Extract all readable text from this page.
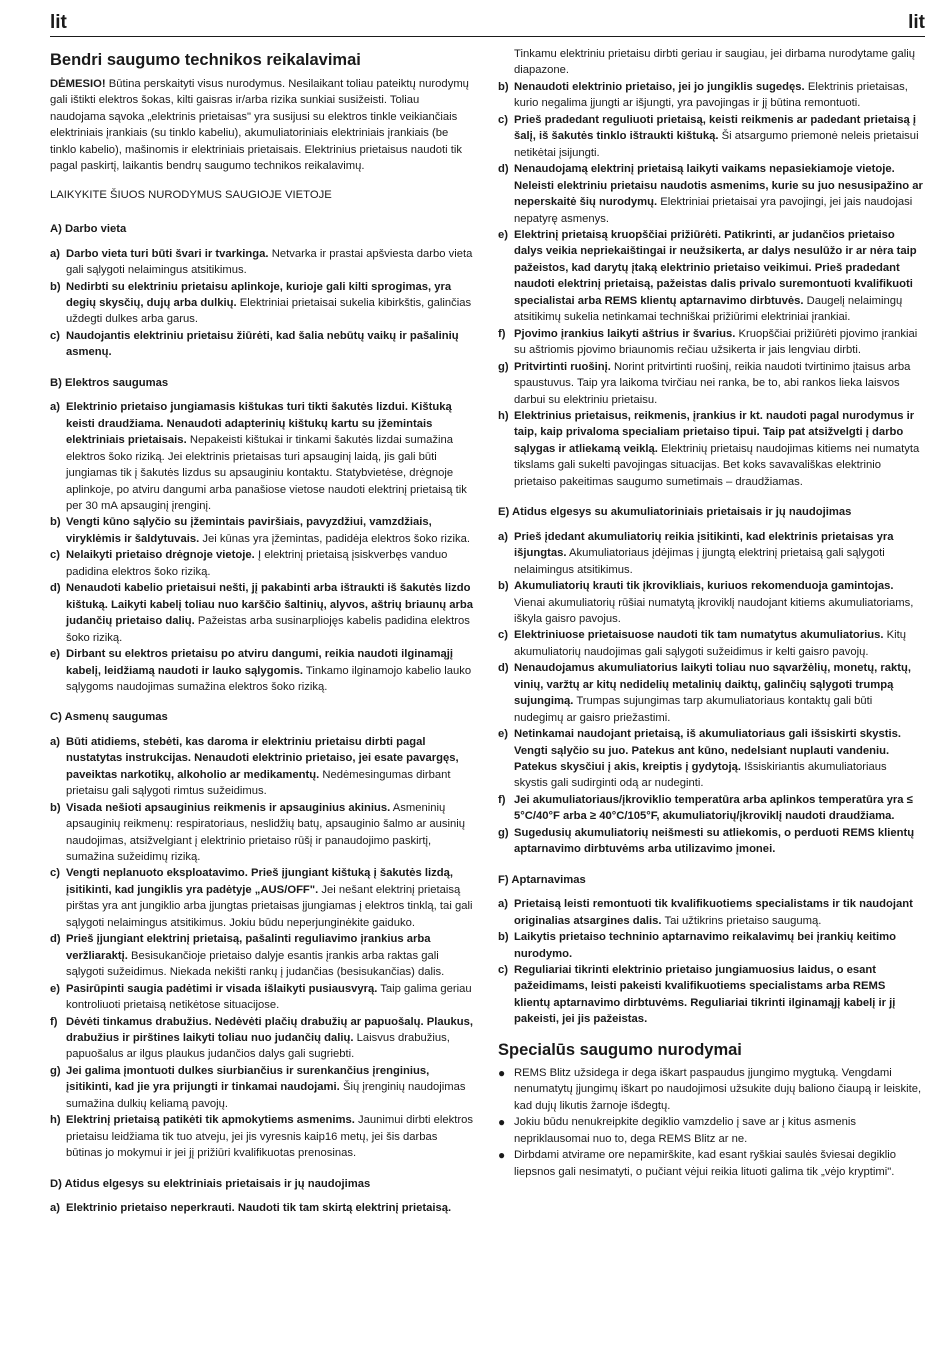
lit	lit

Bendri saugumo technikos reikalavimai

DĖMESIO! Būtina perskaityti visus nurodymus. Nesilaikant toliau pateiktų nurodymų gali ištikti elektros šokas, kilti gaisras ir/arba rizika sunkiai susižeisti. Toliau naudojama sąvoka „elektrinis prietaisas" yra susijusi su elektros tinkle veikiančiais elektriniais įrankiais (su tinklo kabeliu), akumuliatoriniais elektriniais įrankiais (be tinklo kabelio), mašinomis ir elektriniais prietaisais. Elektrinius prietaisus naudoti tik pagal paskirtį, laikantis bendrų saugumo technikos reikalavimų.

LAIKYKITE ŠIUOS NURODYMUS SAUGIOJE VIETOJE

A) Darbo vieta

a) Darbo vieta turi būti švari ir tvarkinga. Netvarka ir prastai apšviesta darbo vieta gali sąlygoti nelaimingus atsitikimus.
b) Nedirbti su elektriniu prietaisu aplinkoje, kurioje gali kilti sprogimas, yra degių skysčių, dujų arba dulkių. Elektriniai prietaisai sukelia kibirkštis, galinčias uždegti dulkes arba garus.
c) Naudojantis elektriniu prietaisu žiūrėti, kad šalia nebūtų vaikų ir pašalinių asmenų.

B) Elektros saugumas

a) Elektrinio prietaiso jungiamasis kištukas turi tikti šakutės lizdui. Kištuką keisti draudžiama. Nenaudoti adapterinių kištukų kartu su įžemintais elektriniais prietaisais. Nepakeisti kištukai ir tinkami šakutės lizdai sumažina elektros šoko riziką. Jei elektrinis prietaisas turi apsauginį laidą, jis gali būti jungiamas tik į šakutės lizdus su apsauginiu kontaktu. Statybvietėse, drėgnoje aplinkoje, po atviru dangumi arba panašiose vietose naudoti elektrinį prietaisą tik per 30 mA apsauginį įrenginį.
b) Vengti kūno sąlyčio su įžemintais paviršiais, pavyzdžiui, vamzdžiais, viryklėmis ir šaldytuvais. Jei kūnas yra įžemintas, padidėja elektros šoko rizika.
c) Nelaikyti prietaiso drėgnoje vietoje. Į elektrinį prietaisą įsiskverbęs vanduo padidina elektros šoko riziką.
d) Nenaudoti kabelio prietaisui nešti, jį pakabinti arba ištraukti iš šakutės lizdo kištuką. Laikyti kabelį toliau nuo karščio šaltinių, alyvos, aštrių briaunų arba judančių prietaiso dalių. Pažeistas arba susinarpliojęs kabelis padidina elektros šoko riziką.
e) Dirbant su elektros prietaisu po atviru dangumi, reikia naudoti ilginamąjį kabelį, leidžiamą naudoti ir lauko sąlygomis. Tinkamo ilginamojo kabelio lauko sąlygoms naudojimas sumažina elektros šoko riziką.

C) Asmenų saugumas

a) Būti atidiems, stebėti, kas daroma ir elektriniu prietaisu dirbti pagal nustatytas instrukcijas. Nenaudoti elektrinio prietaiso, jei esate pavargęs, paveiktas narkotikų, alkoholio ar medikamentų. Nedėmesingumas dirbant prietaisu gali sąlygoti rimtus sužeidimus.
b) Visada nešioti apsauginius reikmenis ir apsauginius akinius. Asmeninių apsauginių reikmenų: respiratoriaus, neslidžių batų, apsauginio šalmo ar ausinių naudojimas, atsižvelgiant į elektrinio prietaiso rūšį ir panaudojimo paskirtį, sumažina sužeidimų riziką.
c) Vengti neplanuoto eksploatavimo. Prieš įjungiant kištuką į šakutės lizdą, įsitikinti, kad jungiklis yra padėtyje „AUS/OFF". Jei nešant elektrinį prietaisą pirštas yra ant jungiklio arba įjungtas prietaisas įjungiamas į elektros tinklą, tai gali sąlygoti nelaimingus atsitikimus. Jokiu būdu neperjunginėkite gaiduko.
d) Prieš įjungiant elektrinį prietaisą, pašalinti reguliavimo įrankius arba veržliaraktį. Besisukančioje prietaiso dalyje esantis įrankis arba raktas gali sąlygoti sužeidimus. Niekada nekišti rankų į judančias (besisukančias) dalis.
e) Pasirūpinti saugia padėtimi ir visada išlaikyti pusiausvyrą. Taip galima geriau kontroliuoti prietaisą netikėtose situacijose.
f) Dėvėti tinkamus drabužius. Nedėvėti plačių drabužių ar papuošalų. Plaukus, drabužius ir pirštines laikyti toliau nuo judančių dalių. Laisvus drabužius, papuošalus ar ilgus plaukus judančios dalys gali sugriebti.
g) Jei galima įmontuoti dulkes siurbiančius ir surenkančius įrenginius, įsitikinti, kad jie yra prijungti ir tinkamai naudojami. Šių įrenginių naudojimas sumažina dulkių keliamą pavojų.
h) Elektrinį prietaisą patikėti tik apmokytiems asmenims. Jaunimui dirbti elektros prietaisu leidžiama tik tuo atveju, jei jis vyresnis kaip16 metų, jei šis darbas būtinas jo mokymui ir jei jį prižiūri kvalifikuotas prenosinas.

D) Atidus elgesys su elektriniais prietaisais ir jų naudojimas

a) Elektrinio prietaiso neperkrauti. Naudoti tik tam skirtą elektrinį prietaisą.

Tinkamu elektriniu prietaisu dirbti geriau ir saugiau, jei dirbama nurodytame galių diapazone.

b) Nenaudoti elektrinio prietaiso, jei jo jungiklis sugedęs. Elektrinis prietaisas, kurio negalima įjungti ar išjungti, yra pavojingas ir jį būtina remontuoti.
c) Prieš pradedant reguliuoti prietaisą, keisti reikmenis ar padedant prietaisą į šalį, iš šakutės tinklo ištraukti kištuką. Ši atsargumo priemonė neleis prietaisui netikėtai įsijungti.
d) Nenaudojamą elektrinį prietaisą laikyti vaikams nepasiekiamoje vietoje. Neleisti elektriniu prietaisu naudotis asmenims, kurie su juo nesusipažino ar neperskaitė šių nurodymų. Elektriniai prietaisai yra pavojingi, jei jais naudojasi nepatyrę asmenys.
e) Elektrinį prietaisą kruopščiai prižiūrėti. Patikrinti, ar judančios prietaiso dalys veikia nepriekaištingai ir neužsikerta, ar dalys nesulūžo ir ar nėra taip pažeistos, kad darytų įtaką elektrinio prietaiso veikimui. Prieš pradedant naudoti elektrinį prietaisą, pažeistas dalis privalo suremontuoti kvalifikuoti specialistai arba REMS klientų aptarnavimo dirbtuvės. Daugelį nelaimingų atsitikimų sukelia netinkamai techniškai prižiūrimi elektriniai įrankiai.
f) Pjovimo įrankius laikyti aštrius ir švarius. Kruopščiai prižiūrėti pjovimo įrankiai su aštriomis pjovimo briaunomis rečiau užsikerta ir jais lengviau dirbti.
g) Pritvirtinti ruošinį. Norint pritvirtinti ruošinį, reikia naudoti tvirtinimo įtaisus arba spaustuvus. Taip yra laikoma tvirčiau nei ranka, be to, abi rankos lieka laisvos darbui su elektriniu prietaisu.
h) Elektrinius prietaisus, reikmenis, įrankius ir kt. naudoti pagal nurodymus ir taip, kaip privaloma specialiam prietaiso tipui. Taip pat atsižvelgti į darbo sąlygas ir atliekamą veiklą. Elektrinių prietaisų naudojimas kitiems nei numatyta tikslams gali sukelti pavojingas situacijas. Bet koks savavališkas elektrinio prietaiso pakeitimas saugumo sumetimais – draudžiamas.

E) Atidus elgesys su akumuliatoriniais prietaisais ir jų naudojimas

a) Prieš įdedant akumuliatorių reikia įsitikinti, kad elektrinis prietaisas yra išjungtas. Akumuliatoriaus įdėjimas į įjungtą elektrinį prietaisą gali sąlygoti nelaimingus atsitikimus.
b) Akumuliatorių krauti tik įkrovikliais, kuriuos rekomenduoja gamintojas. Vienai akumuliatorių rūšiai numatytą įkroviklį naudojant kitiems akumuliatoriams, iškyla gaisro pavojus.
c) Elektriniuose prietaisuose naudoti tik tam numatytus akumuliatorius. Kitų akumuliatorių naudojimas gali sąlygoti sužeidimus ir kelti gaisro pavojų.
d) Nenaudojamus akumuliatorius laikyti toliau nuo sąvaržėlių, monetų, raktų, vinių, varžtų ar kitų nedidelių metalinių daiktų, galinčių sąlygoti trumpą sujungimą. Trumpas sujungimas tarp akumuliatoriaus kontaktų gali būti nudegimų ar gaisro priežastimi.
e) Netinkamai naudojant prietaisą, iš akumuliatoriaus gali išsiskirti skystis. Vengti sąlyčio su juo. Patekus ant kūno, nedelsiant nuplauti vandeniu. Patekus skysčiui į akis, kreiptis į gydytoją. Išsiskiriantis akumuliatoriaus skystis gali sudirginti odą ar nudeginti.
f) Jei akumuliatoriaus/įkroviklio temperatūra arba aplinkos temperatūra yra ≤ 5°C/40°F arba ≥ 40°C/105°F, akumuliatorių/įkroviklį naudoti draudžiama.
g) Sugedusių akumuliatorių neišmesti su atliekomis, o perduoti REMS klientų aptarnavimo dirbtuvėms arba utilizavimo įmonei.

F) Aptarnavimas

a) Prietaisą leisti remontuoti tik kvalifikuotiems specialistams ir tik naudojant originalias atsargines dalis. Tai užtikrins prietaiso saugumą.
b) Laikytis prietaiso techninio aptarnavimo reikalavimų bei įrankių keitimo nurodymo.
c) Reguliariai tikrinti elektrinio prietaiso jungiamuosius laidus, o esant pažeidimams, leisti pakeisti kvalifikuotiems specialistams arba REMS klientų aptarnavimo dirbtuvėms. Reguliariai tikrinti ilginamąjį kabelį ir jį pakeisti, jei jis pažeistas.

Specialūs saugumo nurodymai

● REMS Blitz užsidega ir dega iškart paspaudus įjungimo mygtuką. Vengdami nenumatytų įjungimų iškart po naudojimosi užsukite dujų baliono čiaupą ir leiskite, kad dujų likutis žarnoje išdegtų.
● Jokiu būdu nenukreipkite degiklio vamzdelio į save ar į kitus asmenis nepriklausomai nuo to, dega REMS Blitz ar ne.
● Dirbdami atvirame ore nepamirškite, kad esant ryškiai saulės šviesai degiklio liepsnos gali nesimatyti, o pučiant vėjui reikia lituoti galima tik „vėjo kryptimi".
